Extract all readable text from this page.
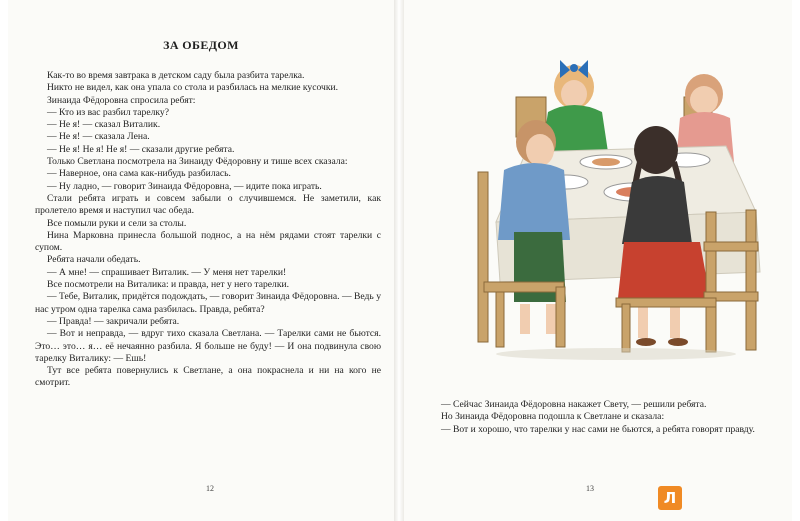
ЗА ОБЕДОМ

Как-то во время завтрака в детском саду была разбита тарелка.

Никто не видел, как она упала со стола и разбилась на мелкие кусочки.

Зинаида Фёдоровна спросила ребят:

— Кто из вас разбил тарелку?

— Не я! — сказал Виталик.

— Не я! — сказала Лена.

— Не я! Не я! Не я! — сказали другие ребята.

Только Светлана посмотрела на Зинаиду Фёдоровну и тише всех сказала:

— Наверное, она сама как-нибудь разбилась.

— Ну ладно, — говорит Зинаида Фёдоровна, — идите пока играть.

Стали ребята играть и совсем забыли о случившемся. Не заметили, как пролетело время и наступил час обеда.

Все помыли руки и сели за столы.

Нина Марковна принесла большой поднос, а на нём рядами стоят тарелки с супом.

Ребята начали обедать.

— А мне! — спрашивает Виталик. — У меня нет тарелки!

Все посмотрели на Виталика: и правда, нет у него тарелки.

— Тебе, Виталик, придётся подождать, — говорит Зинаида Фёдоровна. — Ведь у нас утром одна тарелка сама разбилась. Правда, ребята?

— Правда! — закричали ребята.

— Вот и неправда, — вдруг тихо сказала Светлана. — Тарелки сами не бьются. Это… это… я… её нечаянно разбила. Я больше не буду! — И она подвинула свою тарелку Виталику: — Ешь!

Тут все ребята повернулись к Светлане, а она покраснела и ни на кого не смотрит.

12

— Сейчас Зинаида Фёдоровна накажет Свету, — решили ребята.

Но Зинаида Фёдоровна подошла к Светлане и сказала:

— Вот и хорошо, что тарелки у нас сами не бьются, а ребята говорят правду.

13
Л
